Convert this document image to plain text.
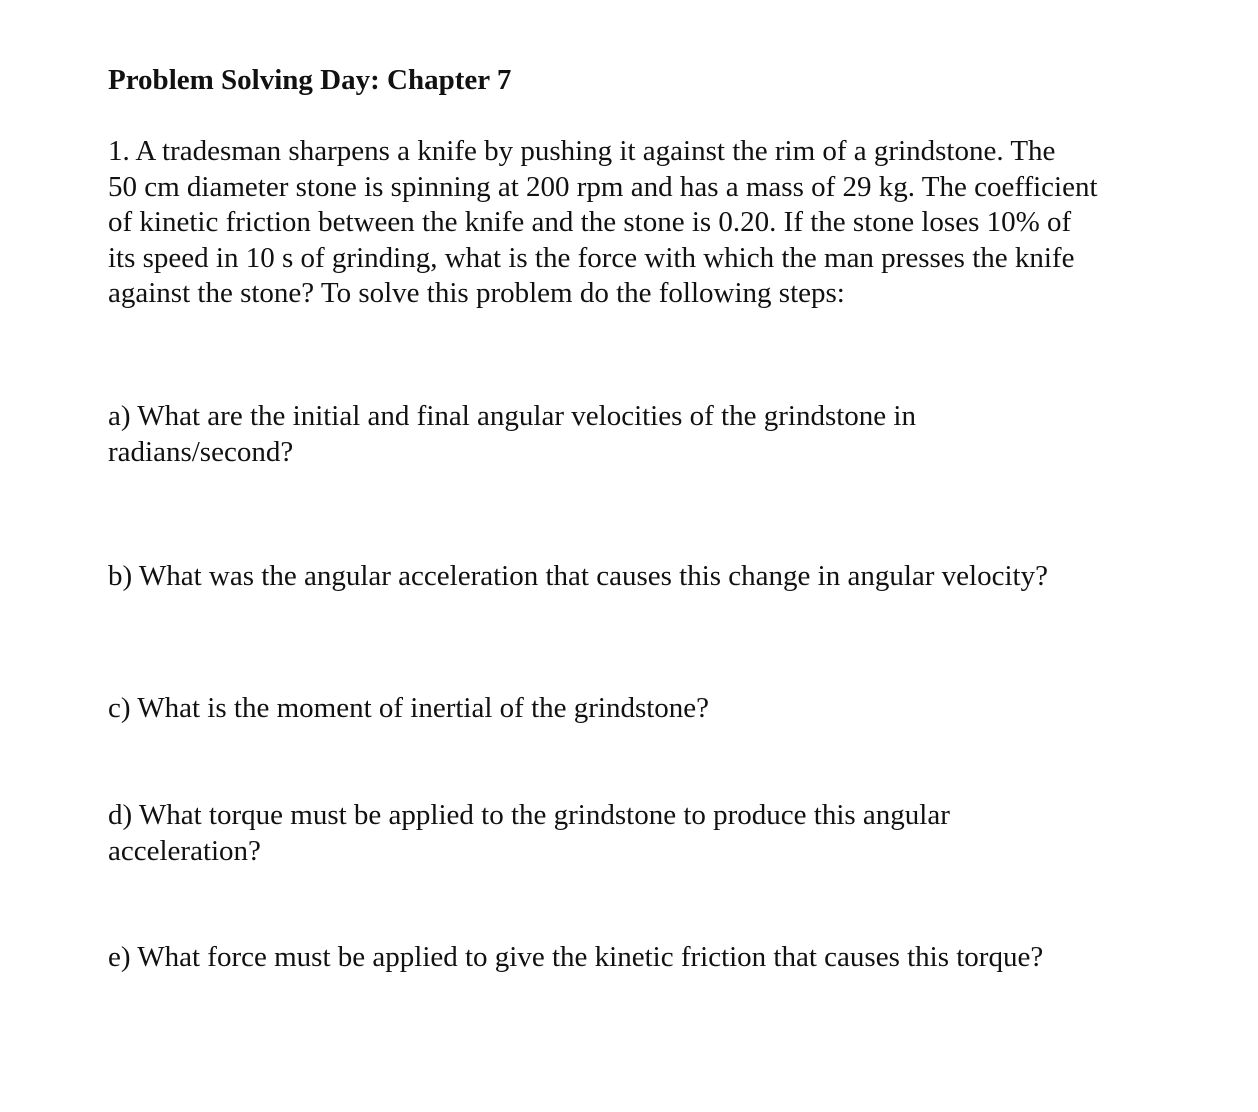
Problem Solving Day: Chapter 7

1. A tradesman sharpens a knife by pushing it against the rim of a grindstone. The
50 cm diameter stone is spinning at 200 rpm and has a mass of 29 kg. The coefficient
of kinetic friction between the knife and the stone is 0.20. If the stone loses 10% of
its speed in 10 s of grinding, what is the force with which the man presses the knife
against the stone? To solve this problem do the following steps:

a) What are the initial and final angular velocities of the grindstone in
radians/second?

b) What was the angular acceleration that causes this change in angular velocity?

c) What is the moment of inertial of the grindstone?

d) What torque must be applied to the grindstone to produce this angular
acceleration?

e) What force must be applied to give the kinetic friction that causes this torque?
